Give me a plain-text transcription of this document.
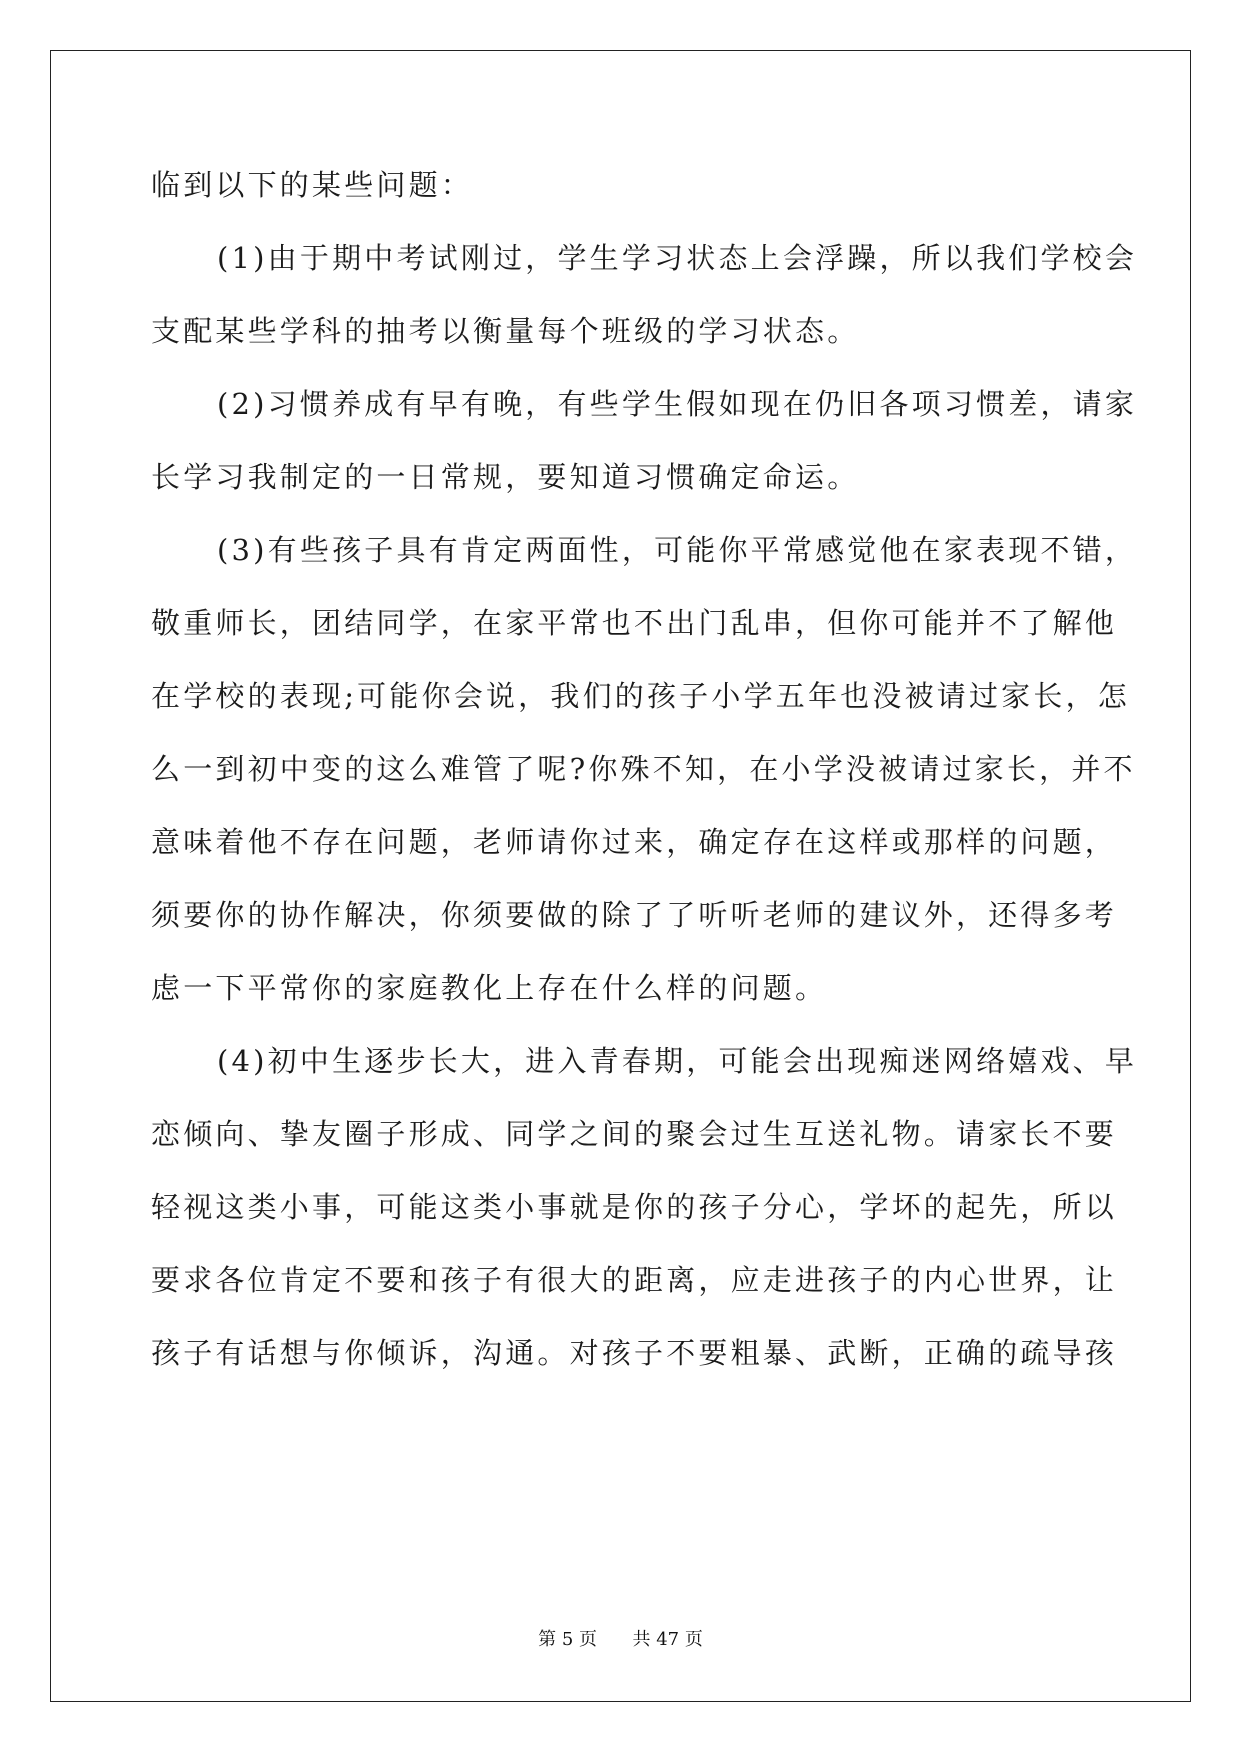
临到以下的某些问题：
(1)由于期中考试刚过，学生学习状态上会浮躁，所以我们学校会
支配某些学科的抽考以衡量每个班级的学习状态。
(2)习惯养成有早有晚，有些学生假如现在仍旧各项习惯差，请家
长学习我制定的一日常规，要知道习惯确定命运。
(3)有些孩子具有肯定两面性，可能你平常感觉他在家表现不错，
敬重师长，团结同学，在家平常也不出门乱串，但你可能并不了解他
在学校的表现;可能你会说，我们的孩子小学五年也没被请过家长，怎
么一到初中变的这么难管了呢?你殊不知，在小学没被请过家长，并不
意味着他不存在问题，老师请你过来，确定存在这样或那样的问题，
须要你的协作解决，你须要做的除了了听听老师的建议外，还得多考
虑一下平常你的家庭教化上存在什么样的问题。
(4)初中生逐步长大，进入青春期，可能会出现痴迷网络嬉戏、早
恋倾向、挚友圈子形成、同学之间的聚会过生互送礼物。请家长不要
轻视这类小事，可能这类小事就是你的孩子分心，学坏的起先，所以
要求各位肯定不要和孩子有很大的距离，应走进孩子的内心世界，让
孩子有话想与你倾诉，沟通。对孩子不要粗暴、武断，正确的疏导孩
第 5 页 共 47 页
